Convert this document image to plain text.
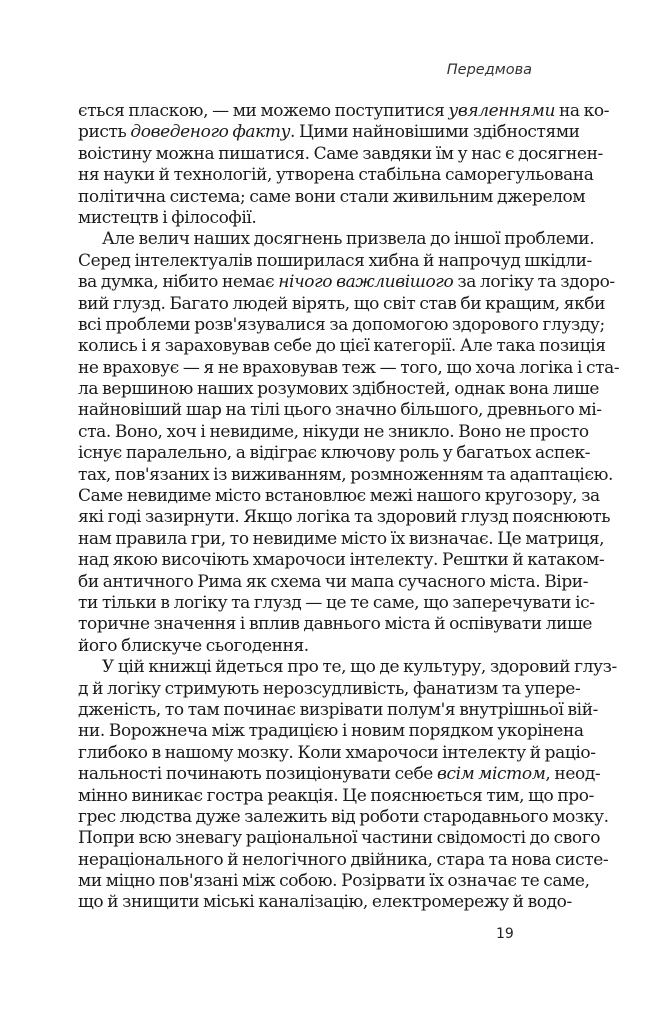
Передмова
ється пласкою, — ми можемо поступитися увяленнями на ко-
ристь доведеного факту. Цими найновішими здібностями
воістину можна пишатися. Саме завдяки їм у нас є досягнен-
ня науки й технологій, утворена стабільна саморегульована
політична система; саме вони стали живильним джерелом
мистецтв і філософії.
Але велич наших досягнень призвела до іншої проблеми.
Серед інтелектуалів поширилася хибна й напрочуд шкідли-
ва думка, нібито немає нічого важливішого за логіку та здоро-
вий глузд. Багато людей вірять, що світ став би кращим, якби
всі проблеми розв'язувалися за допомогою здорового глузду;
колись і я зараховував себе до цієї категорії. Але така позиція
не враховує — я не враховував теж — того, що хоча логіка і ста-
ла вершиною наших розумових здібностей, однак вона лише
найновіший шар на тілі цього значно більшого, древнього мі-
ста. Воно, хоч і невидиме, нікуди не зникло. Воно не просто
існує паралельно, а відіграє ключову роль у багатьох аспек-
тах, пов'язаних із виживанням, розмноженням та адаптацією.
Саме невидиме місто встановлює межі нашого кругозору, за
які годі зазирнути. Якщо логіка та здоровий глузд пояснюють
нам правила гри, то невидиме місто їх визначає. Це матриця,
над якою височіють хмарочоси інтелекту. Рештки й катаком-
би античного Рима як схема чи мапа сучасного міста. Віри-
ти тільки в логіку та глузд — це те саме, що заперечувати іс-
торичне значення і вплив давнього міста й оспівувати лише
його блискуче сьогодення.
У цій книжці йдеться про те, що де культуру, здоровий глуз-
д й логіку стримують нерозсудливість, фанатизм та упере-
дженість, то там починає визрівати полум'я внутрішньої вій-
ни. Ворожнеча між традицією і новим порядком укорінена
глибоко в нашому мозку. Коли хмарочоси інтелекту й раціо-
нальності починають позиціонувати себе всім містом, неод-
мінно виникає гостра реакція. Це пояснюється тим, що про-
грес людства дуже залежить від роботи стародавнього мозку.
Попри всю зневагу раціональної частини свідомості до свого
нераціонального й нелогічного двійника, стара та нова систе-
ми міцно пов'язані між собою. Розірвати їх означає те саме,
що й знищити міські каналізацію, електромережу й водо-
19
